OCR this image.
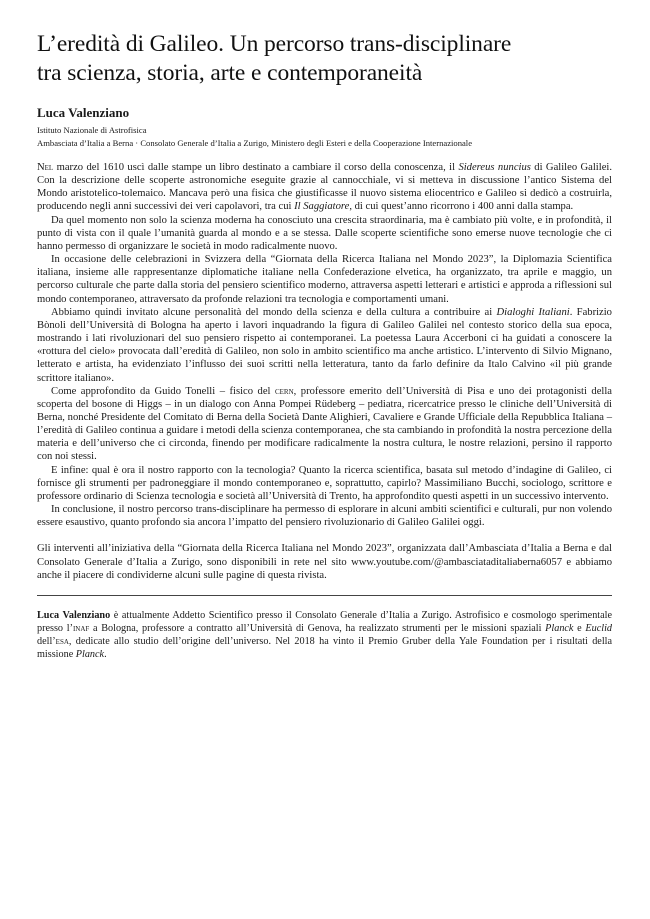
L’eredità di Galileo. Un percorso trans-disciplinare
tra scienza, storia, arte e contemporaneità
Luca Valenziano
Istituto Nazionale di Astrofisica
Ambasciata d’Italia a Berna · Consolato Generale d’Italia a Zurigo, Ministero degli Esteri e della Cooperazione Internazionale

Nel marzo del 1610 uscì dalle stampe un libro destinato a cambiare il corso della conoscenza, il Sidereus nuncius di Galileo Galilei. Con la descrizione delle scoperte astronomiche eseguite grazie al cannocchiale, vi si metteva in discussione l’antico Sistema del Mondo aristotelico-tolemaico. Mancava però una fisica che giustificasse il nuovo sistema eliocentrico e Galileo si dedicò a costruirla, producendo negli anni successivi dei veri capolavori, tra cui Il Saggiatore, di cui quest’anno ricorrono i 400 anni dalla stampa.

Da quel momento non solo la scienza moderna ha conosciuto una crescita straordinaria, ma è cambiato più volte, e in profondità, il punto di vista con il quale l’umanità guarda al mondo e a se stessa. Dalle scoperte scientifiche sono emerse nuove tecnologie che ci hanno permesso di organizzare le società in modo radicalmente nuovo.

In occasione delle celebrazioni in Svizzera della “Giornata della Ricerca Italiana nel Mondo 2023”, la Diplomazia Scientifica italiana, insieme alle rappresentanze diplomatiche italiane nella Confederazione elvetica, ha organizzato, tra aprile e maggio, un percorso culturale che parte dalla storia del pensiero scientifico moderno, attraversa aspetti letterari e artistici e approda a riflessioni sul mondo contemporaneo, attraversato da profonde relazioni tra tecnologia e comportamenti umani.

Abbiamo quindi invitato alcune personalità del mondo della scienza e della cultura a contribuire ai Dialoghi Italiani. Fabrizio Bònoli dell’Università di Bologna ha aperto i lavori inquadrando la figura di Galileo Galilei nel contesto storico della sua epoca, mostrando i lati rivoluzionari del suo pensiero rispetto ai contemporanei. La poetessa Laura Accerboni ci ha guidati a conoscere la «rottura del cielo» provocata dall’eredità di Galileo, non solo in ambito scientifico ma anche artistico. L’intervento di Silvio Mignano, letterato e artista, ha evidenziato l’influsso dei suoi scritti nella letteratura, tanto da farlo definire da Italo Calvino «il più grande scrittore italiano».

Come approfondito da Guido Tonelli – fisico del cern, professore emerito dell’Università di Pisa e uno dei protagonisti della scoperta del bosone di Higgs – in un dialogo con Anna Pompei Rüdeberg – pediatra, ricercatrice presso le cliniche dell’Università di Berna, nonché Presidente del Comitato di Berna della Società Dante Alighieri, Cavaliere e Grande Ufficiale della Repubblica Italiana – l’eredità di Galileo continua a guidare i metodi della scienza contemporanea, che sta cambiando in profondità la nostra percezione della materia e dell’universo che ci circonda, finendo per modificare radicalmente la nostra cultura, le nostre relazioni, persino il rapporto con noi stessi.

E infine: qual è ora il nostro rapporto con la tecnologia? Quanto la ricerca scientifica, basata sul metodo d’indagine di Galileo, ci fornisce gli strumenti per padroneggiare il mondo contemporaneo e, soprattutto, capirlo? Massimiliano Bucchi, sociologo, scrittore e professore ordinario di Scienza tecnologia e società all’Università di Trento, ha approfondito questi aspetti in un successivo intervento.

In conclusione, il nostro percorso trans-disciplinare ha permesso di esplorare in alcuni ambiti scientifici e culturali, pur non volendo essere esaustivo, quanto profondo sia ancora l’impatto del pensiero rivoluzionario di Galileo Galilei oggi.

Gli interventi all’iniziativa della “Giornata della Ricerca Italiana nel Mondo 2023”, organizzata dall’Ambasciata d’Italia a Berna e dal Consolato Generale d’Italia a Zurigo, sono disponibili in rete nel sito www.youtube.com/@ambasciataditaliaberna6057 e abbiamo anche il piacere di condividerne alcuni sulle pagine di questa rivista.

Luca Valenziano è attualmente Addetto Scientifico presso il Consolato Generale d’Italia a Zurigo. Astrofisico e cosmologo sperimentale presso l’inaf a Bologna, professore a contratto all’Università di Genova, ha realizzato strumenti per le missioni spaziali Planck e Euclid dell’esa, dedicate allo studio dell’origine dell’universo. Nel 2018 ha vinto il Premio Gruber della Yale Foundation per i risultati della missione Planck.
